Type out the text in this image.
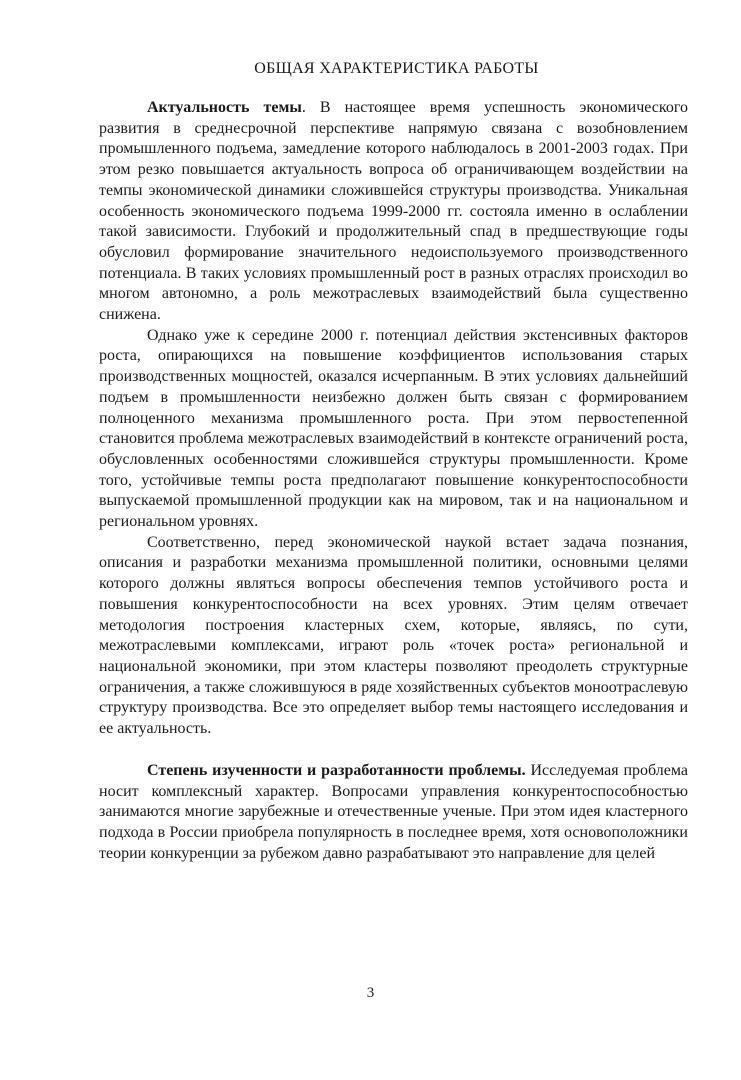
ОБЩАЯ ХАРАКТЕРИСТИКА РАБОТЫ

Актуальность темы. В настоящее время успешность экономического развития в среднесрочной перспективе напрямую связана с возобновлением промышленного подъема, замедление которого наблюдалось в 2001-2003 годах. При этом резко повышается актуальность вопроса об ограничивающем воздействии на темпы экономической динамики сложившейся структуры производства. Уникальная особенность экономического подъема 1999-2000 гг. состояла именно в ослаблении такой зависимости. Глубокий и продолжительный спад в предшествующие годы обусловил формирование значительного недоиспользуемого производственного потенциала. В таких условиях промышленный рост в разных отраслях происходил во многом автономно, а роль межотраслевых взаимодействий была существенно снижена.

Однако уже к середине 2000 г. потенциал действия экстенсивных факторов роста, опирающихся на повышение коэффициентов использования старых производственных мощностей, оказался исчерпанным. В этих условиях дальнейший подъем в промышленности неизбежно должен быть связан с формированием полноценного механизма промышленного роста. При этом первостепенной становится проблема межотраслевых взаимодействий в контексте ограничений роста, обусловленных особенностями сложившейся структуры промышленности. Кроме того, устойчивые темпы роста предполагают повышение конкурентоспособности выпускаемой промышленной продукции как на мировом, так и на национальном и региональном уровнях.

Соответственно, перед экономической наукой встает задача познания, описания и разработки механизма промышленной политики, основными целями которого должны являться вопросы обеспечения темпов устойчивого роста и повышения конкурентоспособности на всех уровнях. Этим целям отвечает методология построения кластерных схем, которые, являясь, по сути, межотраслевыми комплексами, играют роль «точек роста» региональной и национальной экономики, при этом кластеры позволяют преодолеть структурные ограничения, а также сложившуюся в ряде хозяйственных субъектов моноотраслевую структуру производства. Все это определяет выбор темы настоящего исследования и ее актуальность.

Степень изученности и разработанности проблемы. Исследуемая проблема носит комплексный характер. Вопросами управления конкурентоспособностью занимаются многие зарубежные и отечественные ученые. При этом идея кластерного подхода в России приобрела популярность в последнее время, хотя основоположники теории конкуренции за рубежом давно разрабатывают это направление для целей

3
